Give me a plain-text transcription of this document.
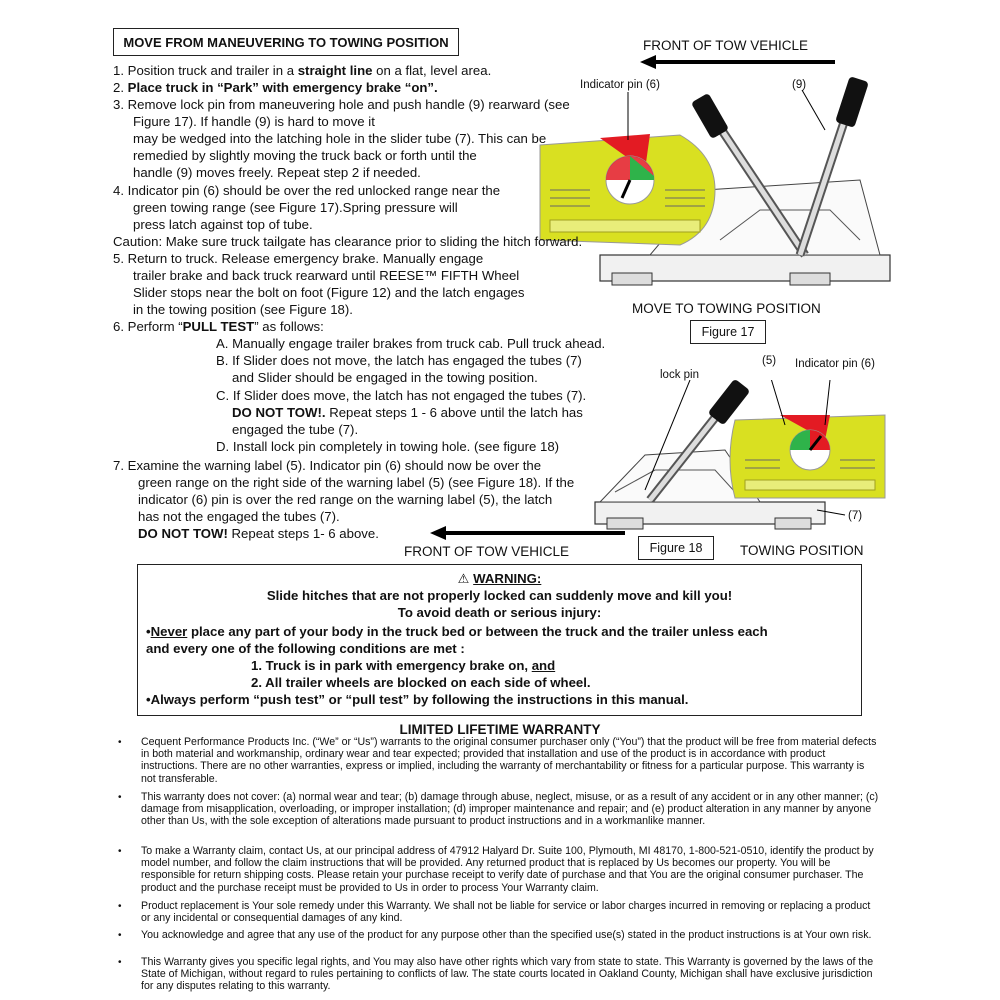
MOVE FROM MANEUVERING TO TOWING POSITION	FRONT OF TOW VEHICLE
Indicator pin (6)	(9)
MOVE TO TOWING POSITION
Figure 17
(5) Indicator pin (6)
lock pin
(7)
FRONT OF TOW VEHICLE	Figure 18	TOWING POSITION
1. Position truck and trailer in a straight line on a flat, level area.
2. Place truck in “Park” with emergency brake “on”.
3. Remove lock pin from maneuvering hole and push handle (9) rearward (see
Figure 17). If handle (9) is hard to move it
may be wedged into the latching hole in the slider tube (7). This can be
remedied by slightly moving the truck back or forth until the
handle (9) moves freely. Repeat step 2 if needed.
4. Indicator pin (6) should be over the red unlocked range near the
green towing range (see Figure 17).Spring pressure will
press latch against top of tube.
Caution: Make sure truck tailgate has clearance prior to sliding the hitch forward.
5. Return to truck. Release emergency brake. Manually engage
trailer brake and back truck rearward until REESE™ FIFTH Wheel
Slider stops near the bolt on foot (Figure 12) and the latch engages
in the towing position (see Figure 18).
6. Perform “PULL TEST” as follows:
A. Manually engage trailer brakes from truck cab. Pull truck ahead.
B. If Slider does not move, the latch has engaged the tubes (7)
and Slider should be engaged in the towing position.
C. If Slider does move, the latch has not engaged the tubes (7).
DO NOT TOW!. Repeat steps 1 - 6 above until the latch has
engaged the tube (7).
D. Install lock pin completely in towing hole. (see figure 18)
7. Examine the warning label (5). Indicator pin (6) should now be over the
green range on the right side of the warning label (5) (see Figure 18). If the
indicator (6) pin is over the red range on the warning label (5), the latch
has not the engaged the tubes (7).
DO NOT TOW! Repeat steps 1- 6 above.
⚠ WARNING:
Slide hitches that are not properly locked can suddenly move and kill you!
To avoid death or serious injury:
•Never place any part of your body in the truck bed or between the truck and the trailer unless each
and every one of the following conditions are met :
1. Truck is in park with emergency brake on, and
2. All trailer wheels are blocked on each side of wheel.
•Always perform “push test” or “pull test” by following the instructions in this manual.
LIMITED LIFETIME WARRANTY
• Cequent Performance Products Inc. (“We” or “Us”) warrants to the original consumer purchaser only (“You”) that the product will be free from material defects in both material and workmanship, ordinary wear and tear expected; provided that installation and use of the product is in accordance with product instructions. There are no other warranties, express or implied, including the warranty of merchantability or fitness for a particular purpose. This warranty is not transferable.
• This warranty does not cover: (a) normal wear and tear; (b) damage through abuse, neglect, misuse, or as a result of any accident or in any other manner; (c) damage from misapplication, overloading, or improper installation; (d) improper maintenance and repair; and (e) product alteration in any manner by anyone other than Us, with the sole exception of alterations made pursuant to product instructions and in a workmanlike manner.
• To make a Warranty claim, contact Us, at our principal address of 47912 Halyard Dr. Suite 100, Plymouth, MI 48170, 1-800-521-0510, identify the product by model number, and follow the claim instructions that will be provided. Any returned product that is replaced by Us becomes our property. You will be responsible for return shipping costs. Please retain your purchase receipt to verify date of purchase and that You are the original consumer purchaser. The product and the purchase receipt must be provided to Us in order to process Your Warranty claim.
• Product replacement is Your sole remedy under this Warranty. We shall not be liable for service or labor charges incurred in removing or replacing a product or any incidental or consequential damages of any kind.
• You acknowledge and agree that any use of the product for any purpose other than the specified use(s) stated in the product instructions is at Your own risk.
• This Warranty gives you specific legal rights, and You may also have other rights which vary from state to state. This Warranty is governed by the laws of the State of Michigan, without regard to rules pertaining to conflicts of law. The state courts located in Oakland County, Michigan shall have exclusive jurisdiction for any disputes relating to this warranty.
